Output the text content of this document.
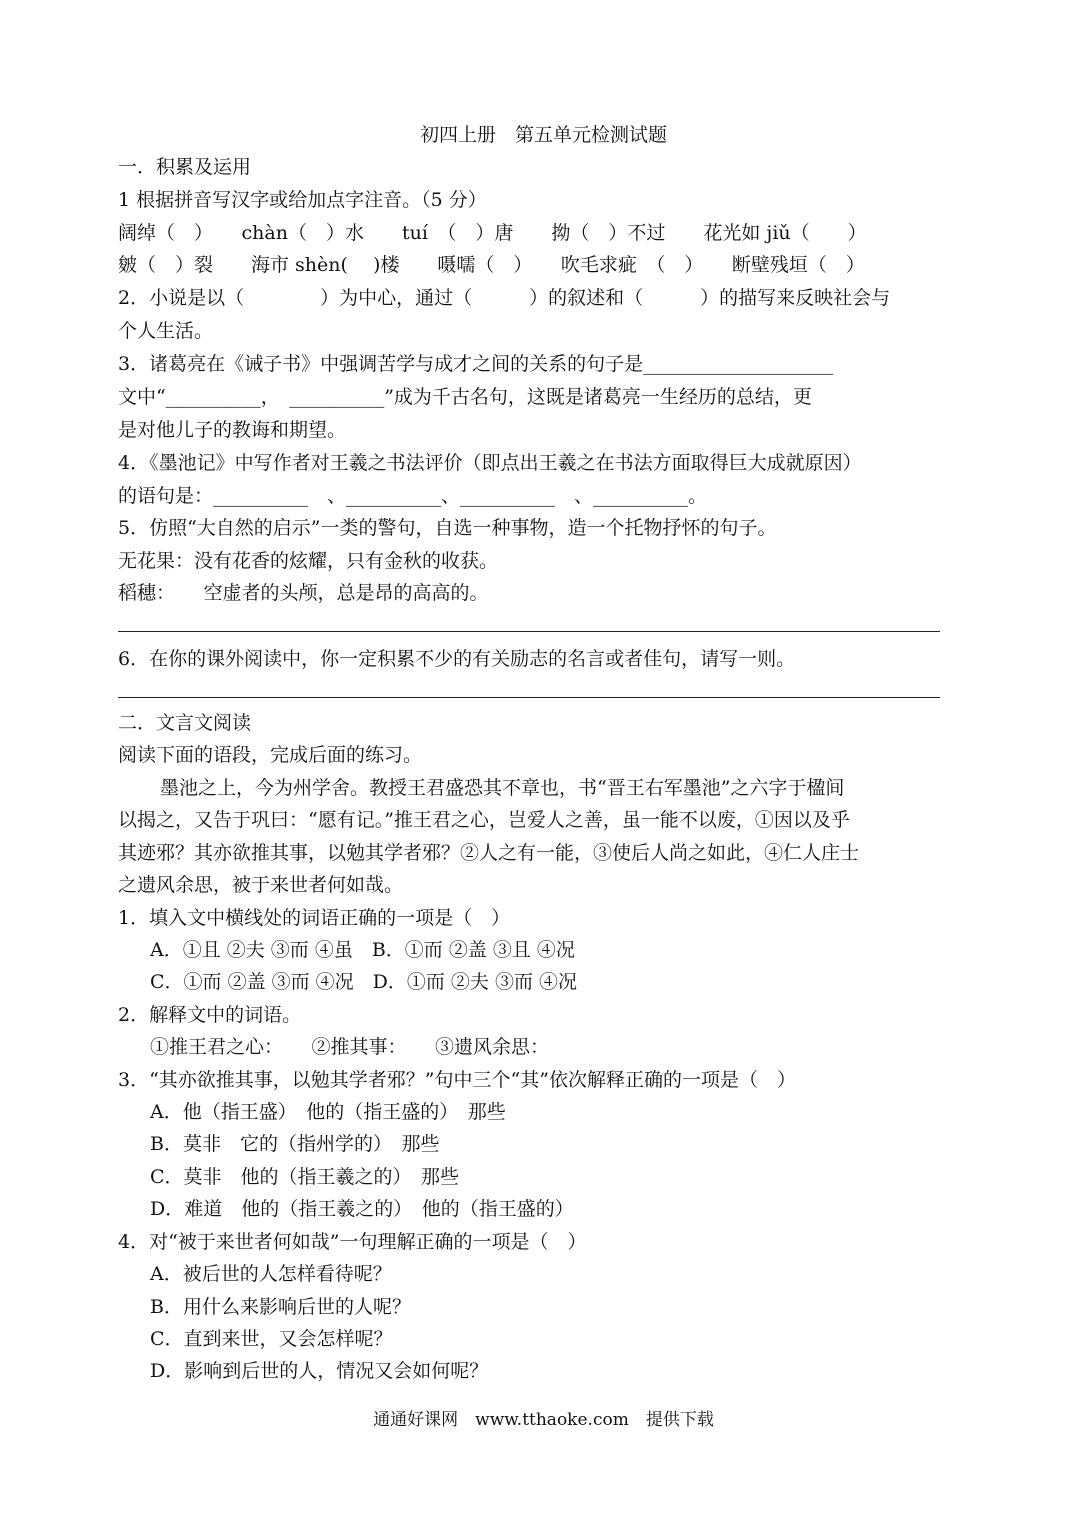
初四上册　第五单元检测试题
一．积累及运用
1 根据拼音写汉字或给加点字注音。（5 分）
阔绰（　）　　chàn（　）水　　tuí　（　）唐　　拗（　）不过　　花光如 jiǔ（　　）
皴（　）裂　　海市 shèn(　 )楼　　嗫嚅（　）　　吹毛求疵　（　）　　断壁残垣（　）
2．小说是以（　　　　）为中心，通过（　　　）的叙述和（　　　）的描写来反映社会与
个人生活。
3．诸葛亮在《诫子书》中强调苦学与成才之间的关系的句子是____________________
文中“__________，　__________”成为千古名句，这既是诸葛亮一生经历的总结，更
是对他儿子的教诲和期望。
4．《墨池记》中写作者对王羲之书法评价（即点出王羲之在书法方面取得巨大成就原因）
的语句是：__________　、__________、__________　、__________。
5．仿照“大自然的启示”一类的警句，自选一种事物，造一个托物抒怀的句子。
无花果：没有花香的炫耀，只有金秋的收获。
稻穗：　　空虚者的头颅，总是昂的高高的。
6．在你的课外阅读中，你一定积累不少的有关励志的名言或者佳句，请写一则。
二．文言文阅读
阅读下面的语段，完成后面的练习。
墨池之上，今为州学舍。教授王君盛恐其不章也，书“晋王右军墨池”之六字于楹间
以揭之，又告于巩曰：“愿有记。”推王君之心，岂爱人之善，虽一能不以废，①因以及乎
其迹邪？其亦欲推其事，以勉其学者邪？②人之有一能，③使后人尚之如此，④仁人庄士
之遗风余思，被于来世者何如哉。
1．填入文中横线处的词语正确的一项是（　）
A．①且 ②夫 ③而 ④虽　B．①而 ②盖 ③且 ④况
C．①而 ②盖 ③而 ④况　D．①而 ②夫 ③而 ④况
2．解释文中的词语。
①推王君之心：　　②推其事：　　③遗风余思：
3．“其亦欲推其事，以勉其学者邪？”句中三个“其”依次解释正确的一项是（　）
A．他（指王盛）　他的（指王盛的）　那些
B．莫非　它的（指州学的）　那些
C．莫非　他的（指王羲之的）　那些
D．难道　他的（指王羲之的）　他的（指王盛的）
4．对“被于来世者何如哉”一句理解正确的一项是（　）
A．被后世的人怎样看待呢？
B．用什么来影响后世的人呢？
C．直到来世，又会怎样呢？
D．影响到后世的人，情况又会如何呢？
通通好课网　www.tthaoke.com　提供下载
